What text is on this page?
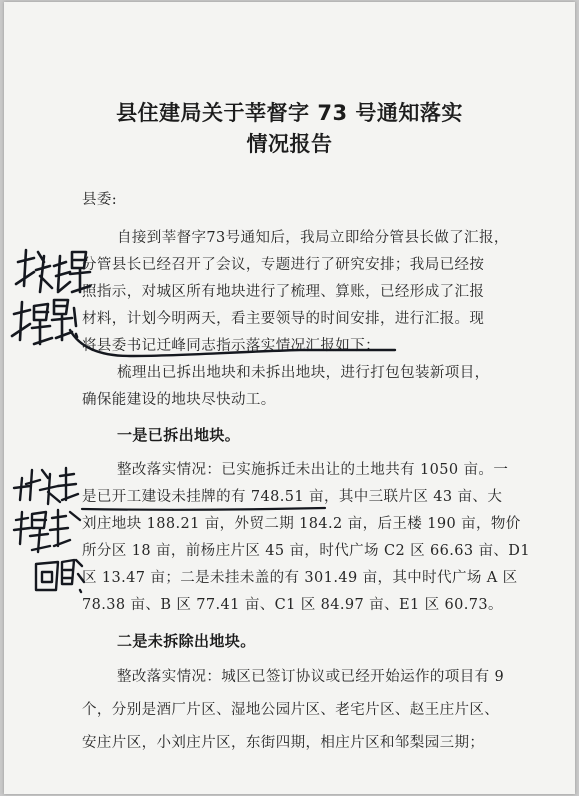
县住建局关于莘督字 73 号通知落实
情况报告
县委:
自接到莘督字73号通知后，我局立即给分管县长做了汇报，
分管县长已经召开了会议，专题进行了研究安排；我局已经按
照指示，对城区所有地块进行了梳理、算账，已经形成了汇报
材料，计划今明两天，看主要领导的时间安排，进行汇报。现
将县委书记迁峰同志指示落实情况汇报如下：
梳理出已拆出地块和未拆出地块，进行打包包装新项目，
确保能建设的地块尽快动工。
一是已拆出地块。
整改落实情况：已实施拆迁未出让的土地共有 1050 亩。一
是已开工建设未挂牌的有 748.51 亩，其中三联片区 43 亩、大
刘庄地块 188.21 亩，外贸二期 184.2 亩，后王楼 190 亩，物价
所分区 18 亩，前杨庄片区 45 亩，时代广场 C2 区 66.63 亩、D1
区 13.47 亩；二是未挂未盖的有 301.49 亩，其中时代广场 A 区
78.38 亩、B 区 77.41 亩、C1 区 84.97 亩、E1 区 60.73。
二是未拆除出地块。
整改落实情况：城区已签订协议或已经开始运作的项目有 9
个，分别是酒厂片区、湿地公园片区、老宅片区、赵王庄片区、
安庄片区，小刘庄片区，东街四期，相庄片区和邹梨园三期；
